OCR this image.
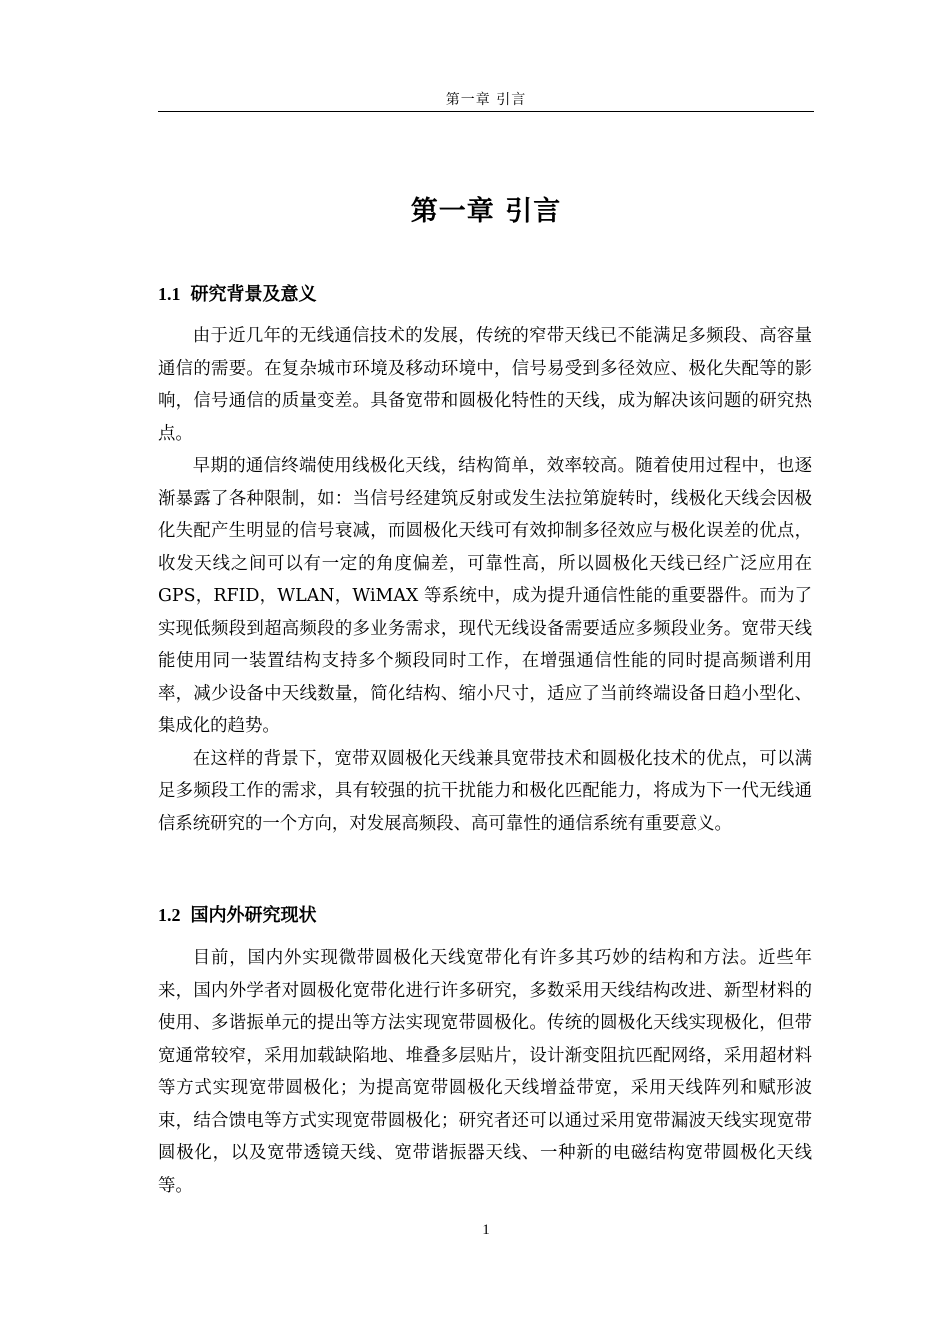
第一章 引言
第一章 引言
1.1 研究背景及意义

由于近几年的无线通信技术的发展，传统的窄带天线已不能满足多频段、高容量通信的需要。在复杂城市环境及移动环境中，信号易受到多径效应、极化失配等的影响，信号通信的质量变差。具备宽带和圆极化特性的天线，成为解决该问题的研究热点。

早期的通信终端使用线极化天线，结构简单，效率较高。随着使用过程中，也逐渐暴露了各种限制，如：当信号经建筑反射或发生法拉第旋转时，线极化天线会因极化失配产生明显的信号衰减，而圆极化天线可有效抑制多径效应与极化误差的优点，收发天线之间可以有一定的角度偏差，可靠性高，所以圆极化天线已经广泛应用在 GPS，RFID，WLAN，WiMAX 等系统中，成为提升通信性能的重要器件。而为了实现低频段到超高频段的多业务需求，现代无线设备需要适应多频段业务。宽带天线能使用同一装置结构支持多个频段同时工作，在增强通信性能的同时提高频谱利用率，减少设备中天线数量，简化结构、缩小尺寸，适应了当前终端设备日趋小型化、集成化的趋势。

在这样的背景下，宽带双圆极化天线兼具宽带技术和圆极化技术的优点，可以满足多频段工作的需求，具有较强的抗干扰能力和极化匹配能力，将成为下一代无线通信系统研究的一个方向，对发展高频段、高可靠性的通信系统有重要意义。

1.2 国内外研究现状

目前，国内外实现微带圆极化天线宽带化有许多其巧妙的结构和方法。近些年来，国内外学者对圆极化宽带化进行许多研究，多数采用天线结构改进、新型材料的使用、多谐振单元的提出等方法实现宽带圆极化。传统的圆极化天线实现极化，但带宽通常较窄，采用加载缺陷地、堆叠多层贴片，设计渐变阻抗匹配网络，采用超材料等方式实现宽带圆极化；为提高宽带圆极化天线增益带宽，采用天线阵列和赋形波束，结合馈电等方式实现宽带圆极化；研究者还可以通过采用宽带漏波天线实现宽带圆极化，以及宽带透镜天线、宽带谐振器天线、一种新的电磁结构宽带圆极化天线等。

1
